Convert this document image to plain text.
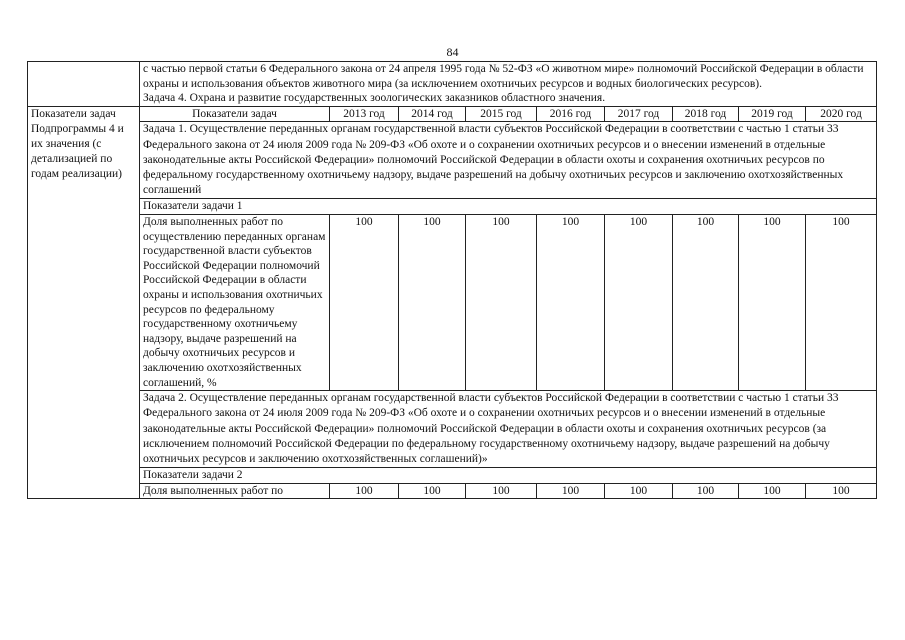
84

	с частью первой статьи 6 Федерального закона от 24 апреля 1995 года № 52-ФЗ «О животном мире» полномочий Российской Федерации в области охраны и использования объектов животного мира (за исключением охотничьих ресурсов и водных биологических ресурсов).

Задача 4. Охрана и развитие государственных зоологических заказников областного значения.								

Показатели задач Подпрограммы 4 и их значения (с детализацией по годам реализации)	Показатели задач	2013 год	2014 год	2015 год	2016 год	2017 год	2018 год	2019 год	2020 год
	Задача 1. Осуществление переданных органам государственной власти субъектов Российской Федерации в соответствии с частью 1 статьи 33 Федерального закона от 24 июля 2009 года № 209-ФЗ «Об охоте и о сохранении охотничьих ресурсов и о внесении изменений в отдельные законодательные акты Российской Федерации» полномочий Российской Федерации в области охоты и сохранения охотничьих ресурсов по федеральному государственному охотничьему надзору, выдаче разрешений на добычу охотничьих ресурсов и заключению охотхозяйственных соглашений								
	Показатели задачи 1								
	Доля выполненных работ по осуществлению переданных органам государственной власти субъектов Российской Федерации полномочий Российской Федерации в области охраны и использования охотничьих ресурсов по федеральному государственному охотничьему надзору, выдаче разрешений на добычу охотничьих ресурсов и заключению охотхозяйственных соглашений, %	100	100	100	100	100	100	100	100
	Задача 2. Осуществление переданных органам государственной власти субъектов Российской Федерации в соответствии с частью 1 статьи 33 Федерального закона от 24 июля 2009 года № 209-ФЗ «Об охоте и о сохранении охотничьих ресурсов и о внесении изменений в отдельные законодательные акты Российской Федерации» полномочий Российской Федерации в области охоты и сохранения охотничьих ресурсов (за исключением полномочий Российской Федерации по федеральному государственному охотничьему надзору, выдаче разрешений на добычу охотничьих ресурсов и заключению охотхозяйственных соглашений)»								
	Показатели задачи 2								
	Доля выполненных работ по	100	100	100	100	100	100	100	100
